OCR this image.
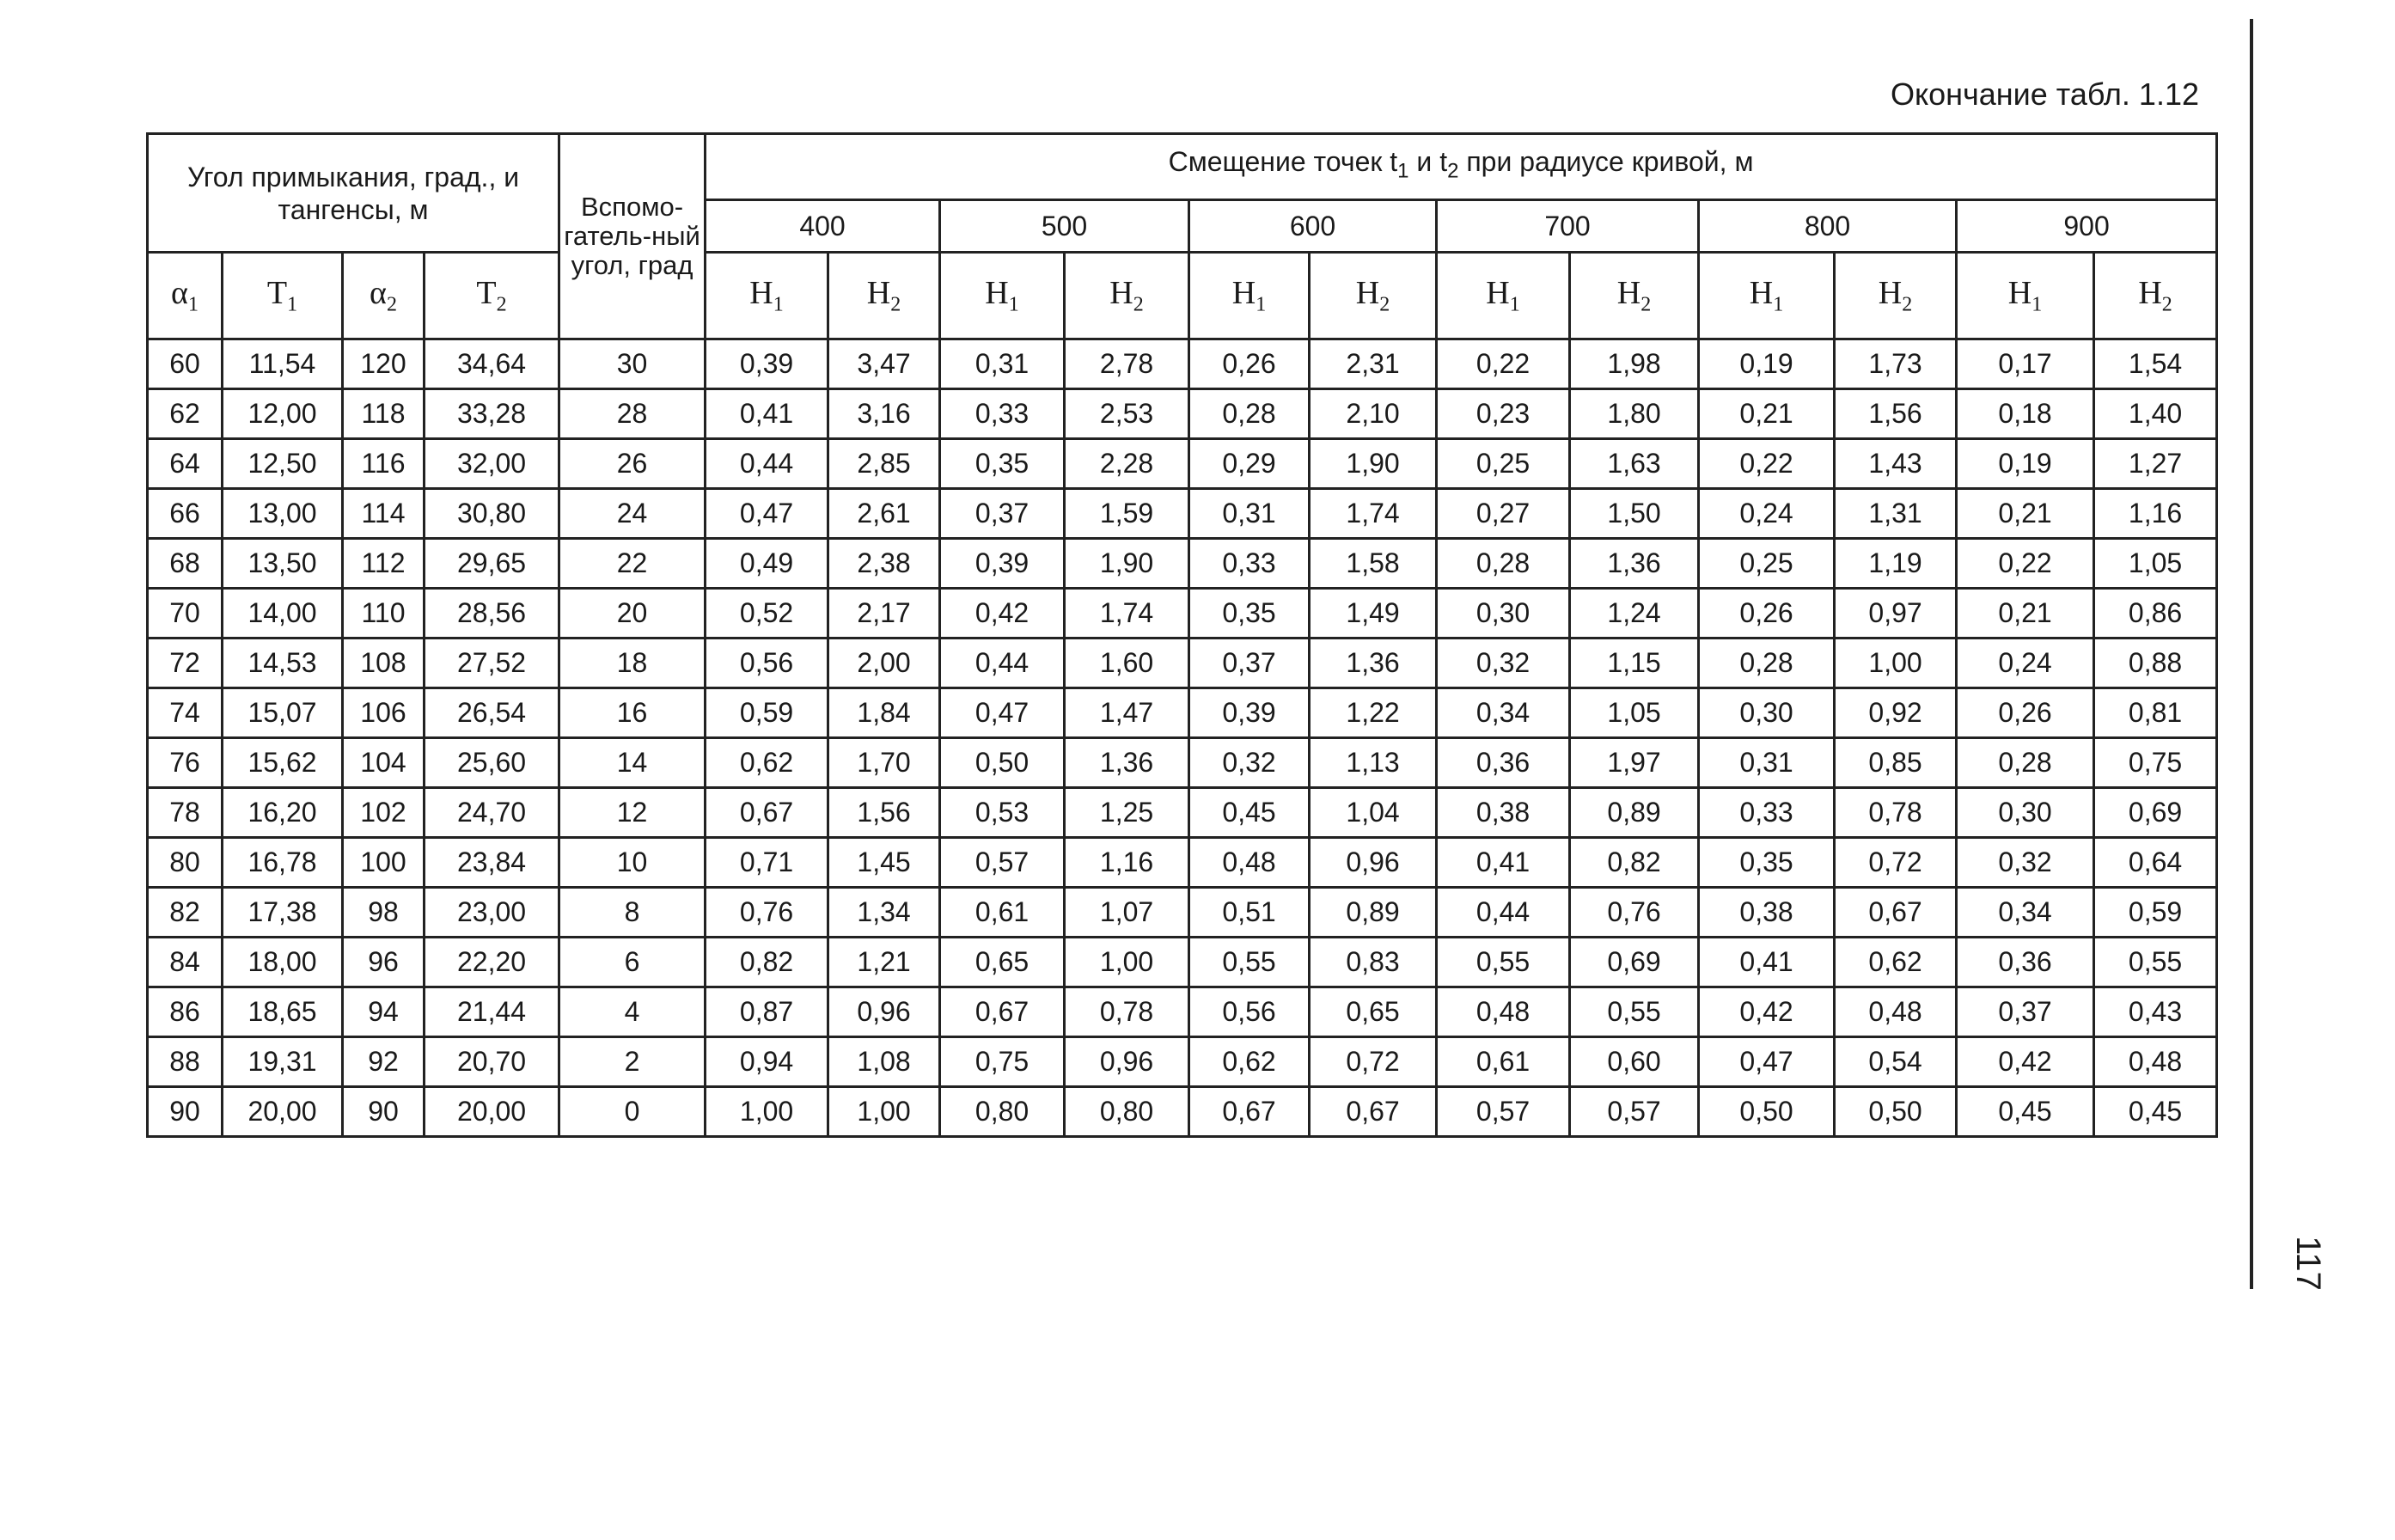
Окончание табл. 1.12
117
Угол примыкания, град., и тангенсы, м				Вспомо-гатель-ный угол, град	Смещение точек $t_1$ и $t_2$ при радиусе кривой, м											
					400		500		600		700		800		900	
$\alpha_1$	$T_1$	$\alpha_2$	$T_2$		$H_1$	$H_2$	$H_1$	$H_2$	$H_1$	$H_2$	$H_1$	$H_2$	$H_1$	$H_2$	$H_1$	$H_2$
60	11,54	120	34,64	30	0,39	3,47	0,31	2,78	0,26	2,31	0,22	1,98	0,19	1,73	0,17	1,54
62	12,00	118	33,28	28	0,41	3,16	0,33	2,53	0,28	2,10	0,23	1,80	0,21	1,56	0,18	1,40
64	12,50	116	32,00	26	0,44	2,85	0,35	2,28	0,29	1,90	0,25	1,63	0,22	1,43	0,19	1,27
66	13,00	114	30,80	24	0,47	2,61	0,37	1,59	0,31	1,74	0,27	1,50	0,24	1,31	0,21	1,16
68	13,50	112	29,65	22	0,49	2,38	0,39	1,90	0,33	1,58	0,28	1,36	0,25	1,19	0,22	1,05
70	14,00	110	28,56	20	0,52	2,17	0,42	1,74	0,35	1,49	0,30	1,24	0,26	0,97	0,21	0,86
72	14,53	108	27,52	18	0,56	2,00	0,44	1,60	0,37	1,36	0,32	1,15	0,28	1,00	0,24	0,88
74	15,07	106	26,54	16	0,59	1,84	0,47	1,47	0,39	1,22	0,34	1,05	0,30	0,92	0,26	0,81
76	15,62	104	25,60	14	0,62	1,70	0,50	1,36	0,32	1,13	0,36	1,97	0,31	0,85	0,28	0,75
78	16,20	102	24,70	12	0,67	1,56	0,53	1,25	0,45	1,04	0,38	0,89	0,33	0,78	0,30	0,69
80	16,78	100	23,84	10	0,71	1,45	0,57	1,16	0,48	0,96	0,41	0,82	0,35	0,72	0,32	0,64
82	17,38	98	23,00	8	0,76	1,34	0,61	1,07	0,51	0,89	0,44	0,76	0,38	0,67	0,34	0,59
84	18,00	96	22,20	6	0,82	1,21	0,65	1,00	0,55	0,83	0,55	0,69	0,41	0,62	0,36	0,55
86	18,65	94	21,44	4	0,87	0,96	0,67	0,78	0,56	0,65	0,48	0,55	0,42	0,48	0,37	0,43
88	19,31	92	20,70	2	0,94	1,08	0,75	0,96	0,62	0,72	0,61	0,60	0,47	0,54	0,42	0,48
90	20,00	90	20,00	0	1,00	1,00	0,80	0,80	0,67	0,67	0,57	0,57	0,50	0,50	0,45	0,45
